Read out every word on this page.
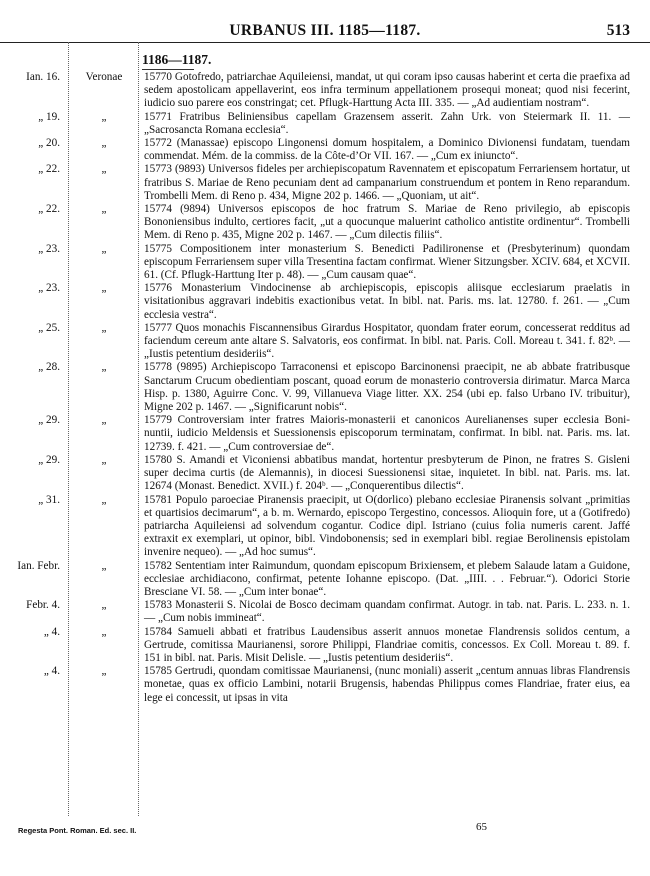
URBANUS III. 1185—1187.	513
1186—1187.
Ian. 16.	Veronae	15770 Gotofredo, patriarchae Aquileiensi, mandat, ut qui coram ipso causas haberint et certa die praefixa ad sedem apostolicam appellaverint, eos infra terminum appellationem prosequi moneat; quod nisi fecerint, iudicio suo parere eos constringat; cet. Pflugk-Harttung Acta III. 335. — „Ad audientiam nostram“.
„ 19.	„	15771 Fratribus Beliniensibus capellam Grazensem asserit. Zahn Urk. von Steiermark II. 11. — „Sacrosancta Romana ecclesia“.
„ 20.	„	15772 (Manassae) episcopo Lingonensi domum hospitalem, a Dominico Divionensi fundatam, tuendam commendat. Mém. de la commiss. de la Côte-d’Or VII. 167. — „Cum ex iniuncto“.
„ 22.	„	15773 (9893) Universos fideles per archiepiscopatum Ravennatem et episcopatum Ferrariensem hortatur, ut fratribus S. Mariae de Reno pecuniam dent ad campanarium construendum et pontem in Reno reparandum. Trombelli Mem. di Reno p. 434, Migne 202 p. 1466. — „Quoniam, ut ait“.
„ 22.	„	15774 (9894) Universos episcopos de hoc fratrum S. Mariae de Reno privilegio, ab episcopis Bononiensibus indulto, certiores facit, „ut a quocunque maluerint catholico antistite ordinentur“. Trombelli Mem. di Reno p. 435, Migne 202 p. 1467. — „Cum dilectis filiis“.
„ 23.	„	15775 Compositionem inter monasterium S. Benedicti Padilironense et (Presbyterinum) quondam episcopum Ferrariensem super villa Tresentina factam confirmat. Wiener Sitzungsber. XCIV. 684, et XCVII. 61. (Cf. Pflugk-Harttung Iter p. 48). — „Cum causam quae“.
„ 23.	„	15776 Monasterium Vindocinense ab archiepiscopis, episcopis aliisque ecclesiarum praelatis in visitationibus aggravari indebitis exactionibus vetat. In bibl. nat. Paris. ms. lat. 12780. f. 261. — „Cum ecclesia vestra“.
„ 25.	„	15777 Quos monachis Fiscannensibus Girardus Hospitator, quondam frater eorum, concesserat redditus ad faciendum cereum ante altare S. Salvatoris, eos confirmat. In bibl. nat. Paris. Coll. Moreau t. 341. f. 82ᵇ. — „Iustis petentium desideriis“.
„ 28.	„	15778 (9895) Archiepiscopo Tarraconensi et episcopo Barcinonensi praecipit, ne ab abbate fratribusque Sanctarum Crucum obedientiam poscant, quoad eorum de monasterio controversia dirimatur. Marca Marca Hisp. p. 1380, Aguirre Conc. V. 99, Villanueva Viage litter. XX. 254 (ubi ep. falso Urbano IV. tribuitur), Migne 202 p. 1467. — „Significarunt nobis“.
„ 29.	„	15779 Controversiam inter fratres Maioris-monasterii et canonicos Aurelianenses super ecclesia Boni-nuntii, iudicio Meldensis et Suessionensis episcoporum terminatam, confirmat. In bibl. nat. Paris. ms. lat. 12739. f. 421. — „Cum controversiae de“.
„ 29.	„	15780 S. Amandi et Viconiensi abbatibus mandat, hortentur presbyterum de Pinon, ne fratres S. Gisleni super decima curtis (de Alemannis), in diocesi Suessionensi sitae, inquietet. In bibl. nat. Paris. ms. lat. 12674 (Monast. Benedict. XVII.) f. 204ᵇ. — „Conquerentibus dilectis“.
„ 31.	„	15781 Populo paroeciae Piranensis praecipit, ut O(dorlico) plebano ecclesiae Piranensis solvant „primitias et quartisios decimarum“, a b. m. Wernardo, episcopo Tergestino, concessos. Alioquin fore, ut a (Gotifredo) patriarcha Aquileiensi ad solvendum cogantur. Codice dipl. Istriano (cuius folia numeris carent. Jaffé extraxit ex exemplari, ut opinor, bibl. Vindobonensis; sed in exemplari bibl. regiae Berolinensis epistolam invenire nequeo). — „Ad hoc sumus“.
Ian. Febr.	„	15782 Sententiam inter Raimundum, quondam episcopum Brixiensem, et plebem Salaude latam a Guidone, ecclesiae archidiacono, confirmat, petente Iohanne episcopo. (Dat. „IIII. . . Februar.“). Odorici Storie Bresciane VI. 58. — „Cum inter bonae“.
Febr. 4.	„	15783 Monasterii S. Nicolai de Bosco decimam quandam confirmat. Autogr. in tab. nat. Paris. L. 233. n. 1. — „Cum nobis immineat“.
„ 4.	„	15784 Samueli abbati et fratribus Laudensibus asserit annuos monetae Flandrensis solidos centum, a Gertrude, comitissa Maurianensi, sorore Philippi, Flandriae comitis, concessos. Ex Coll. Moreau t. 89. f. 151 in bibl. nat. Paris. Misit Delisle. — „Iustis petentium desideriis“.
„ 4.	„	15785 Gertrudi, quondam comitissae Maurianensi, (nunc moniali) asserit „centum annuas libras Flandrensis monetae, quas ex officio Lambini, notarii Brugensis, habendas Philippus comes Flandriae, frater eius, ea lege ei concessit, ut ipsas in vita
Regesta Pont. Roman. Ed. sec. II.	65
